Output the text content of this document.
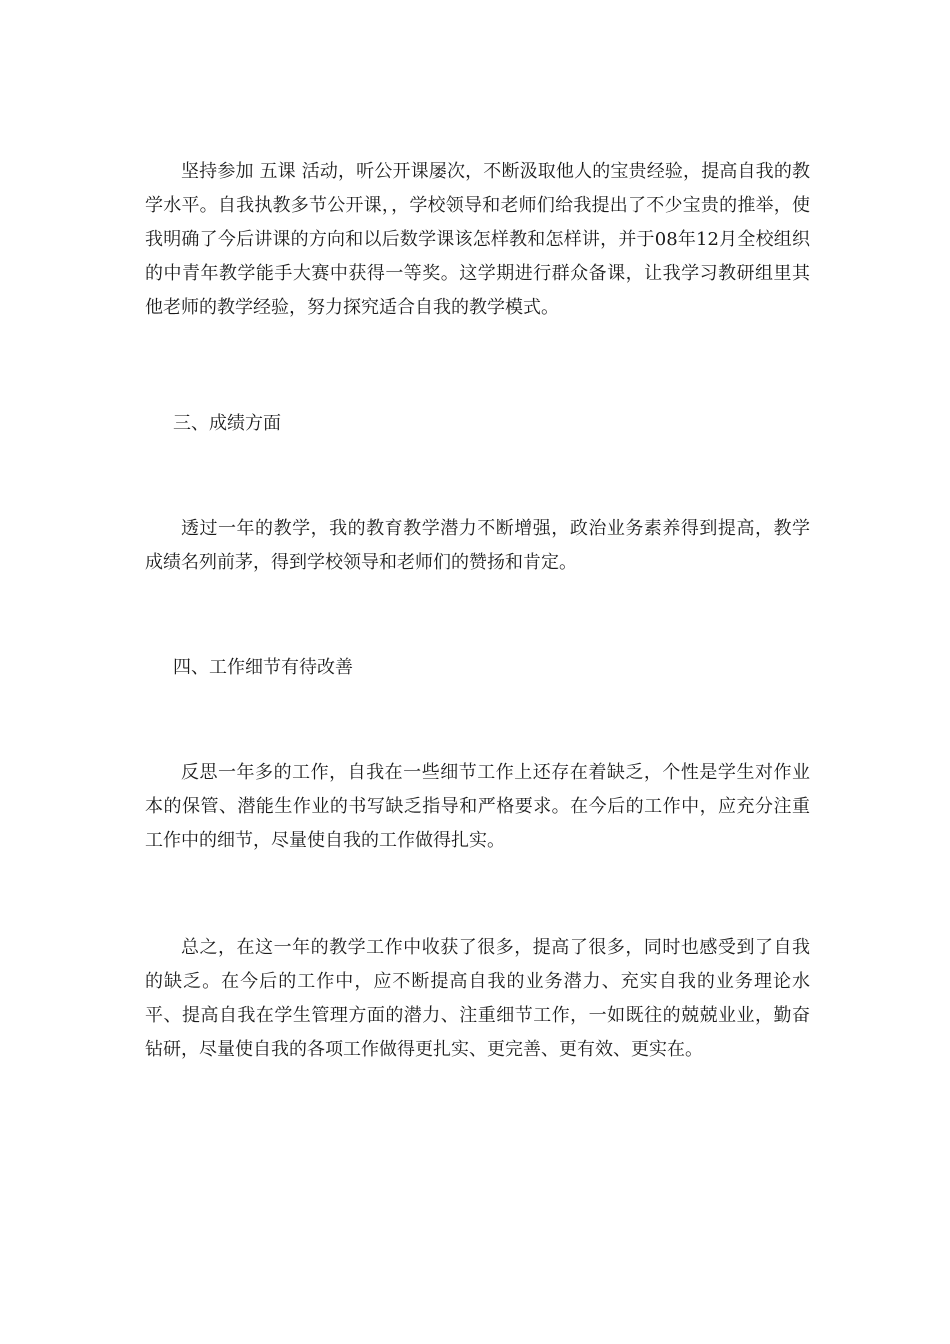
坚持参加 五课 活动，听公开课屡次，不断汲取他人的宝贵经验，提高自我的教学水平。自我执教多节公开课，，学校领导和老师们给我提出了不少宝贵的推举，使我明确了今后讲课的方向和以后数学课该怎样教和怎样讲，并于08年12月全校组织的中青年教学能手大赛中获得一等奖。这学期进行群众备课，让我学习教研组里其他老师的教学经验，努力探究适合自我的教学模式。

三、成绩方面

透过一年的教学，我的教育教学潜力不断增强，政治业务素养得到提高，教学成绩名列前茅，得到学校领导和老师们的赞扬和肯定。

四、工作细节有待改善

反思一年多的工作，自我在一些细节工作上还存在着缺乏，个性是学生对作业本的保管、潜能生作业的书写缺乏指导和严格要求。在今后的工作中，应充分注重工作中的细节，尽量使自我的工作做得扎实。

总之，在这一年的教学工作中收获了很多，提高了很多，同时也感受到了自我的缺乏。在今后的工作中，应不断提高自我的业务潜力、充实自我的业务理论水平、提高自我在学生管理方面的潜力、注重细节工作，一如既往的兢兢业业，勤奋钻研，尽量使自我的各项工作做得更扎实、更完善、更有效、更实在。
